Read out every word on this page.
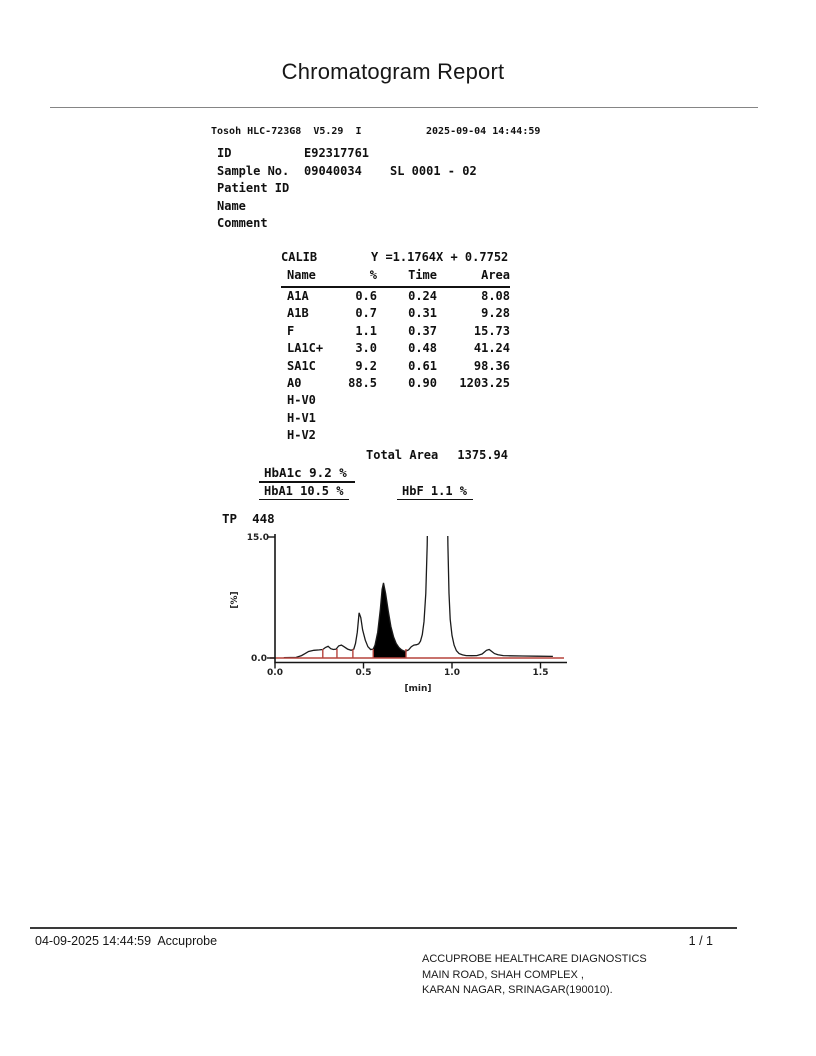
Chromatogram Report
Tosoh HLC-723G8  V5.29  I	2025-09-04 14:44:59
ID	E92317761
Sample No. 09040034 SL 0001 - 02
Patient ID
Name
Comment
CALIB	Y =1.1764X + 0.7752
Name	%	Time	Area
A1A	0.6	0.24	8.08
A1B	0.7	0.31	9.28
F	1.1	0.37	15.73
LA1C+	3.0	0.48	41.24
SA1C	9.2	0.61	98.36
A0	88.5	0.90	1203.25
H-V0
H-V1
H-V2
Total Area	1375.94
HbA1c 9.2 %
HbA1 10.5 %	HbF 1.1 %
15.0
0.0
0.0	0.5	1.0	1.5
[min]
[%]
TP  448
04-09-2025 14:44:59  Accuprobe	1 / 1
ACCUPROBE HEALTHCARE DIAGNOSTICS
MAIN ROAD, SHAH COMPLEX ,
KARAN NAGAR, SRINAGAR(190010).
